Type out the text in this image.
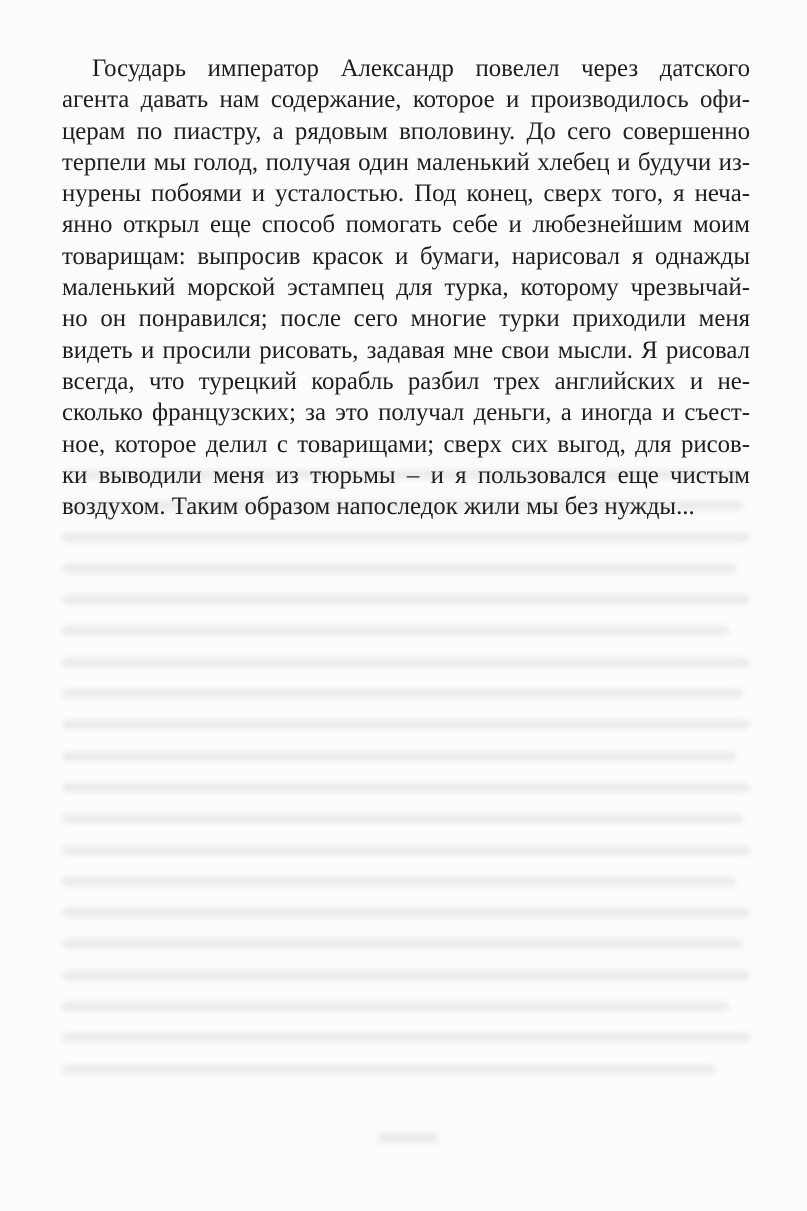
Государь император Александр повелел через датского
агента давать нам содержание, которое и производилось офи-
церам по пиастру, а рядовым вполовину. До сего совершенно
терпели мы голод, получая один маленький хлебец и будучи из-
нурены побоями и усталостью. Под конец, сверх того, я неча-
янно открыл еще способ помогать себе и любезнейшим моим
товарищам: выпросив красок и бумаги, нарисовал я однажды
маленький морской эстампец для турка, которому чрезвычай-
но он понравился; после сего многие турки приходили меня
видеть и просили рисовать, задавая мне свои мысли. Я рисовал
всегда, что турецкий корабль разбил трех английских и не-
сколько французских; за это получал деньги, а иногда и съест-
ное, которое делил с товарищами; сверх сих выгод, для рисов-
ки выводили меня из тюрьмы – и я пользовался еще чистым
воздухом. Таким образом напоследок жили мы без нужды...
